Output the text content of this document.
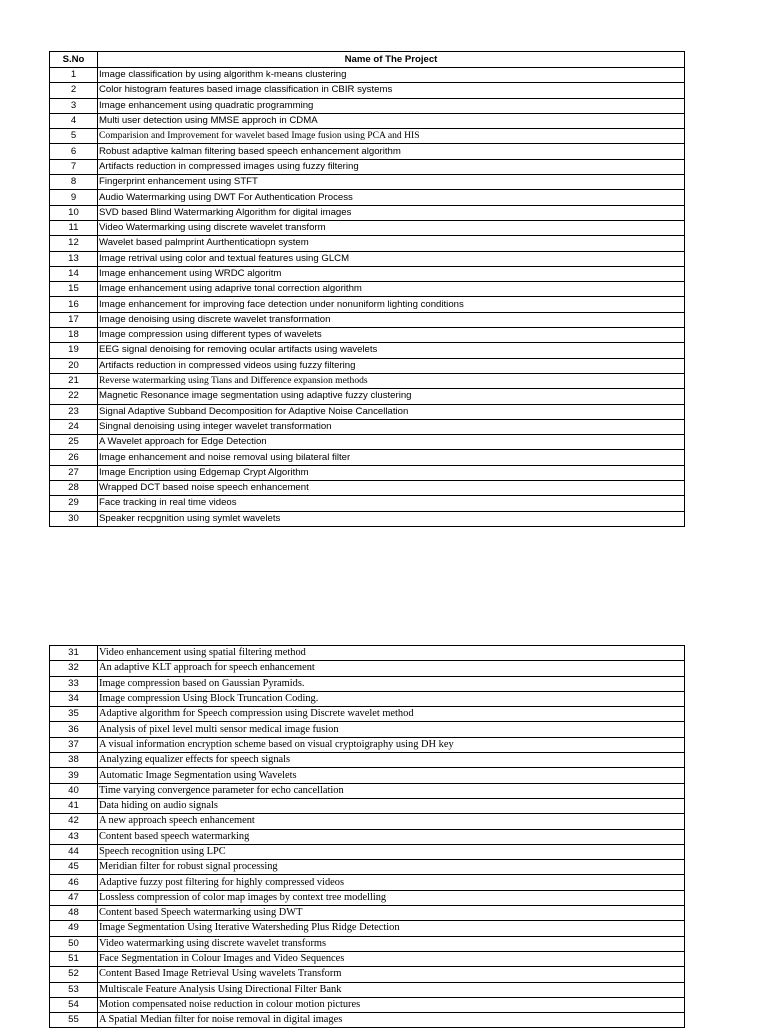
S.No	Name of The Project
1	Image classification by using algorithm k-means clustering
2	Color histogram features based image classification in CBIR systems
3	Image enhancement using quadratic programming
4	Multi user detection using MMSE approch in CDMA
5	Comparision and Improvement for wavelet based Image fusion using PCA and HIS
6	Robust adaptive kalman filtering based speech enhancement algorithm
7	Artifacts reduction in compressed images using fuzzy filtering
8	Fingerprint enhancement using STFT
9	Audio Watermarking using DWT For Authentication Process
10	SVD based Blind Watermarking Algorithm for digital images
11	Video Watermarking using discrete wavelet transform
12	Wavelet based palmprint Aurthenticatiopn system
13	Image retrival using color and textual features using GLCM
14	Image enhancement using WRDC algoritm
15	Image enhancement using adaprive tonal correction algorithm
16	Image enhancement for improving face detection under nonuniform lighting conditions
17	Image denoising using discrete wavelet transformation
18	Image compression using different types of wavelets
19	EEG signal denoising for removing ocular artifacts using wavelets
20	Artifacts reduction in compressed videos using fuzzy filtering
21	Reverse watermarking using Tians and Difference expansion methods
22	Magnetic Resonance image segmentation using adaptive fuzzy clustering
23	Signal Adaptive Subband Decomposition for Adaptive Noise Cancellation
24	Singnal denoising using integer wavelet transformation
25	A Wavelet approach for Edge Detection
26	Image enhancement and noise removal using bilateral filter
27	Image Encription using Edgemap Crypt Algorithm
28	Wrapped DCT based noise speech enhancement
29	Face tracking in real time videos
30	Speaker recpgnition using symlet wavelets
31	Video enhancement using spatial filtering method
32	An adaptive KLT approach for speech enhancement
33	Image compression based on Gaussian Pyramids.
34	Image compression Using Block Truncation Coding.
35	Adaptive algorithm for Speech compression using Discrete wavelet method
36	Analysis of pixel level multi sensor medical image fusion
37	A visual information encryption scheme based on visual cryptoigraphy using DH key
38	Analyzing equalizer effects for speech signals
39	Automatic Image Segmentation using Wavelets
40	Time varying convergence parameter for echo cancellation
41	Data hiding on audio signals
42	A new approach speech enhancement
43	Content based speech watermarking
44	Speech recognition using LPC
45	Meridian filter for robust signal processing
46	Adaptive fuzzy post filtering for highly compressed videos
47	Lossless compression of color map images by context tree modelling
48	Content based Speech watermarking using DWT
49	Image Segmentation Using Iterative Watersheding Plus Ridge Detection
50	Video watermarking using discrete wavelet transforms
51	Face Segmentation in Colour Images and Video Sequences
52	Content Based Image Retrieval Using wavelets Transform
53	Multiscale Feature Analysis Using Directional Filter Bank
54	Motion compensated noise reduction in colour motion pictures
55	A Spatial Median filter for noise removal in digital images
